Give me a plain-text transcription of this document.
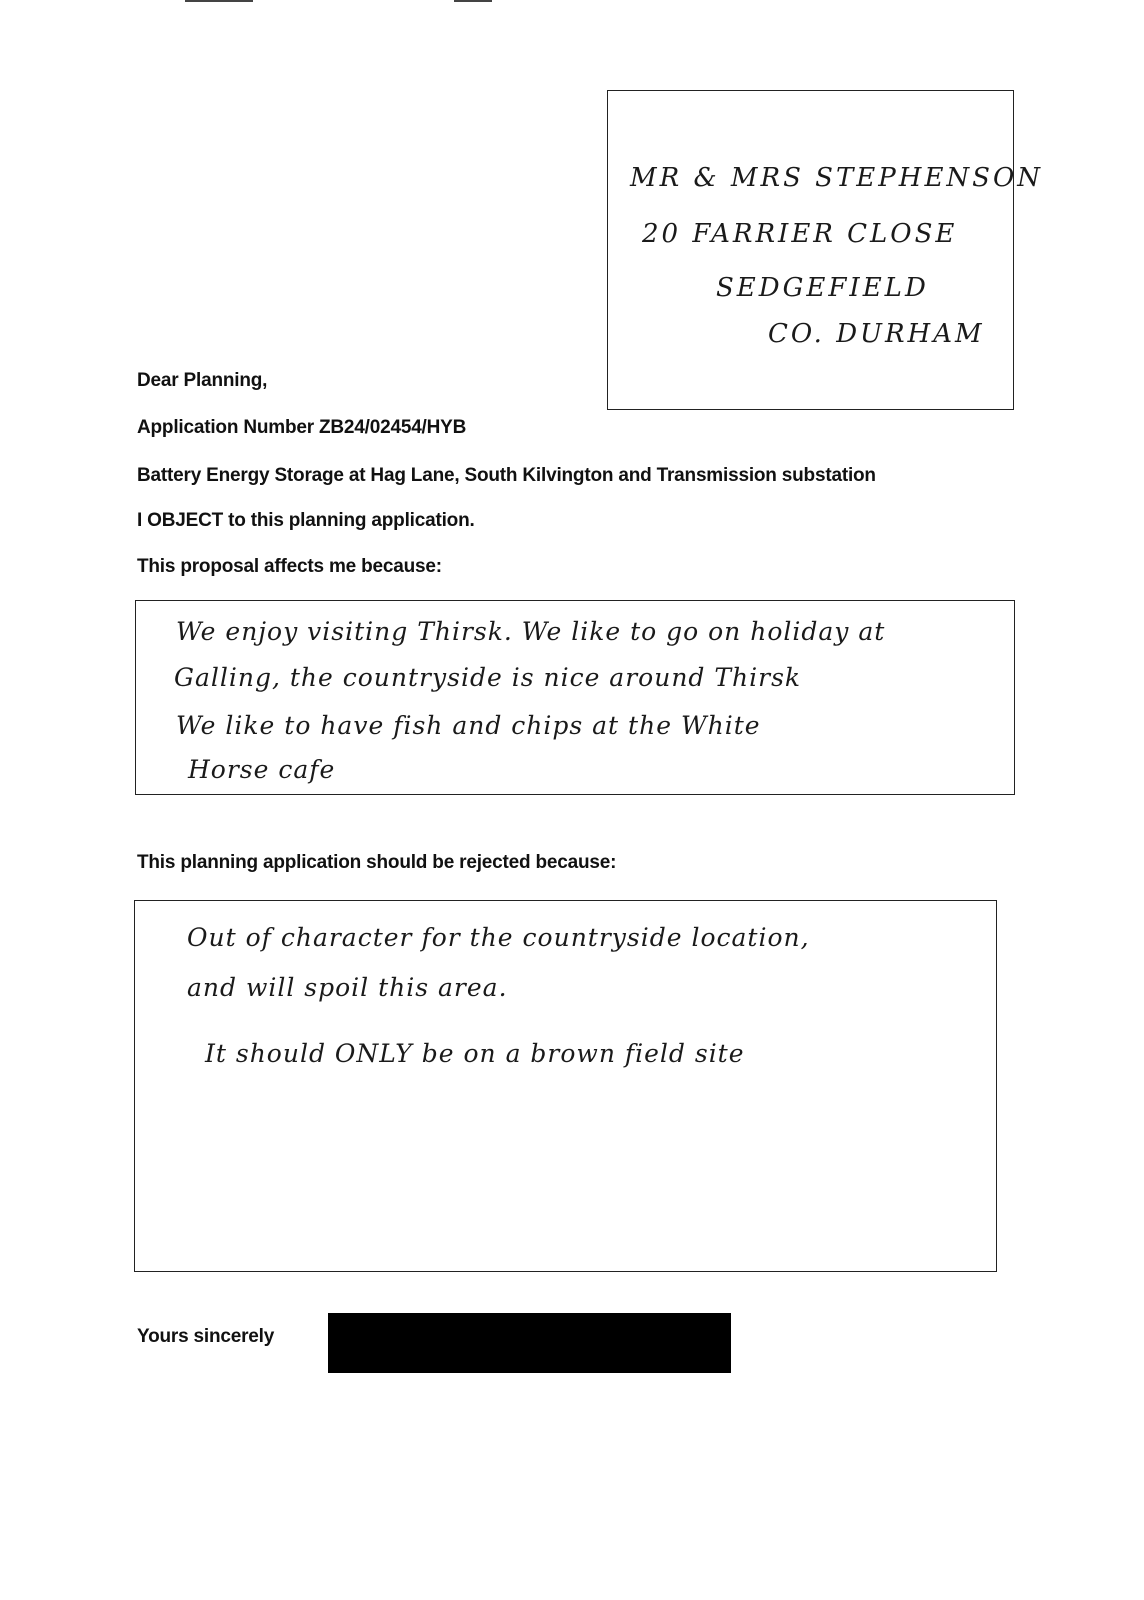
MR & MRS STEPHENSON
20 FARRIER CLOSE
SEDGEFIELD
CO. DURHAM
Dear Planning,
Application Number ZB24/02454/HYB
Battery Energy Storage at Hag Lane, South Kilvington and Transmission substation
I OBJECT to this planning application.
This proposal affects me because:
We enjoy visiting Thirsk. We like to go on holiday at
Galling, the countryside is nice around Thirsk
We like to have fish and chips at the White
Horse cafe
This planning application should be rejected because:
Out of character for the countryside location,
and will spoil this area.
It should ONLY be on a brown field site
Yours sincerely
